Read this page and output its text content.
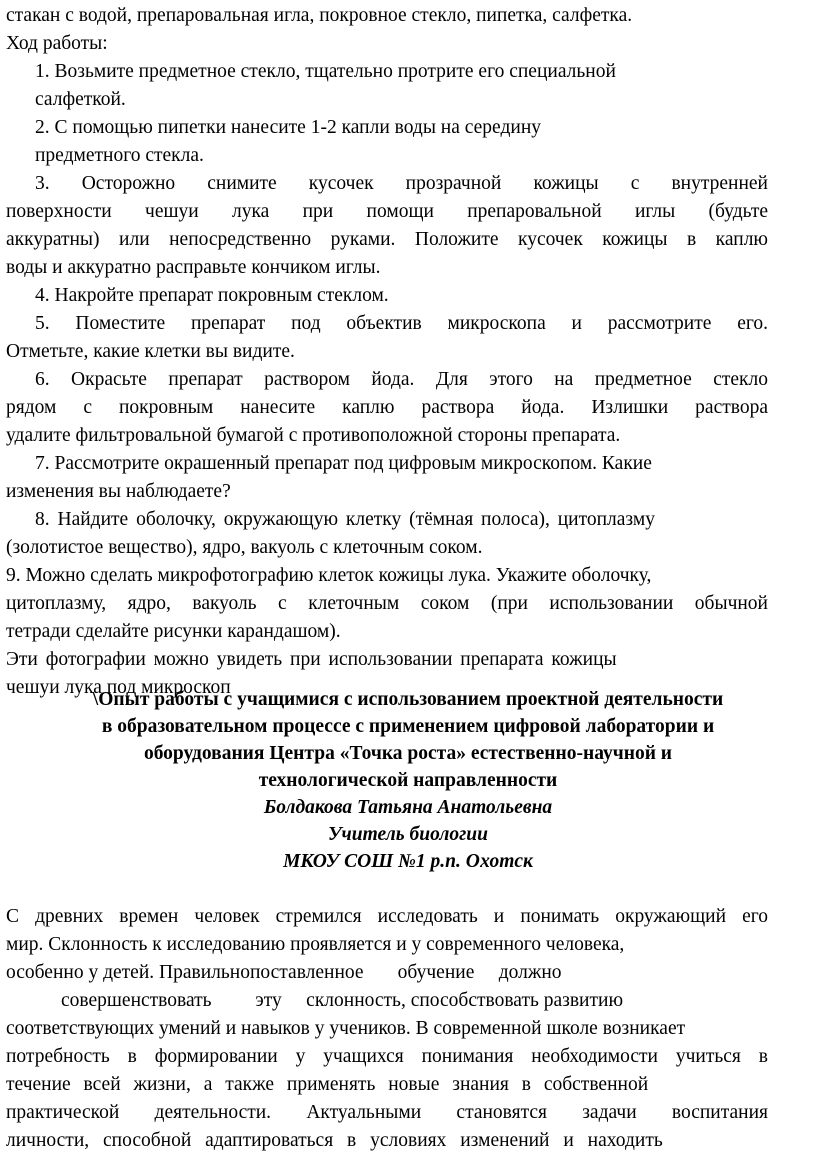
стакан с водой, препаровальная игла, покровное стекло, пипетка, салфетка.
Ход работы:
1. Возьмите предметное стекло, тщательно протрите его специальной
салфеткой.
2. С помощью пипетки нанесите 1-2 капли воды на середину
предметного стекла.
3. Осторожно снимите кусочек прозрачной кожицы с внутренней
поверхности чешуи лука при помощи препаровальной иглы (будьте
аккуратны) или непосредственно руками. Положите кусочек кожицы в каплю
воды и аккуратно расправьте кончиком иглы.
4. Накройте препарат покровным стеклом.
5. Поместите препарат под объектив микроскопа и рассмотрите его.
Отметьте, какие клетки вы видите.
6. Окрасьте препарат раствором йода. Для этого на предметное стекло
рядом с покровным нанесите каплю раствора йода. Излишки раствора
удалите фильтровальной бумагой с противоположной стороны препарата.
7. Рассмотрите окрашенный препарат под цифровым микроскопом. Какие
изменения вы наблюдаете?
8. Найдите оболочку, окружающую клетку (тёмная полоса), цитоплазму
(золотистое вещество), ядро, вакуоль с клеточным соком.
9. Можно сделать микрофотографию клеток кожицы лука. Укажите оболочку,
цитоплазму, ядро, вакуоль с клеточным соком (при использовании обычной
тетради сделайте рисунки карандашом).
Эти фотографии можно увидеть при использовании препарата кожицы
чешуи лука под микроскоп
\Опыт работы с учащимися с использованием проектной деятельности
в образовательном процессе с применением цифровой лаборатории и
оборудования Центра «Точка роста» естественно-научной и
технологической направленности
Болдакова Татьяна Анатольевна
Учитель биологии
МКОУ СОШ №1 р.п. Охотск
С древних времен человек стремился исследовать и понимать окружающий его
мир. Склонность к исследованию проявляется и у современного человека,
особенно у детей. Правильнопоставленное       обучение     должно
совершенствовать         эту     склонность, способствовать развитию
соответствующих умений и навыков у учеников. В современной школе возникает
потребность в формировании у учащихся понимания необходимости учиться в
течение всей жизни, а также применять новые знания в собственной
практической деятельности. Актуальными становятся задачи воспитания
личности, способной адаптироваться в условиях изменений и находить
